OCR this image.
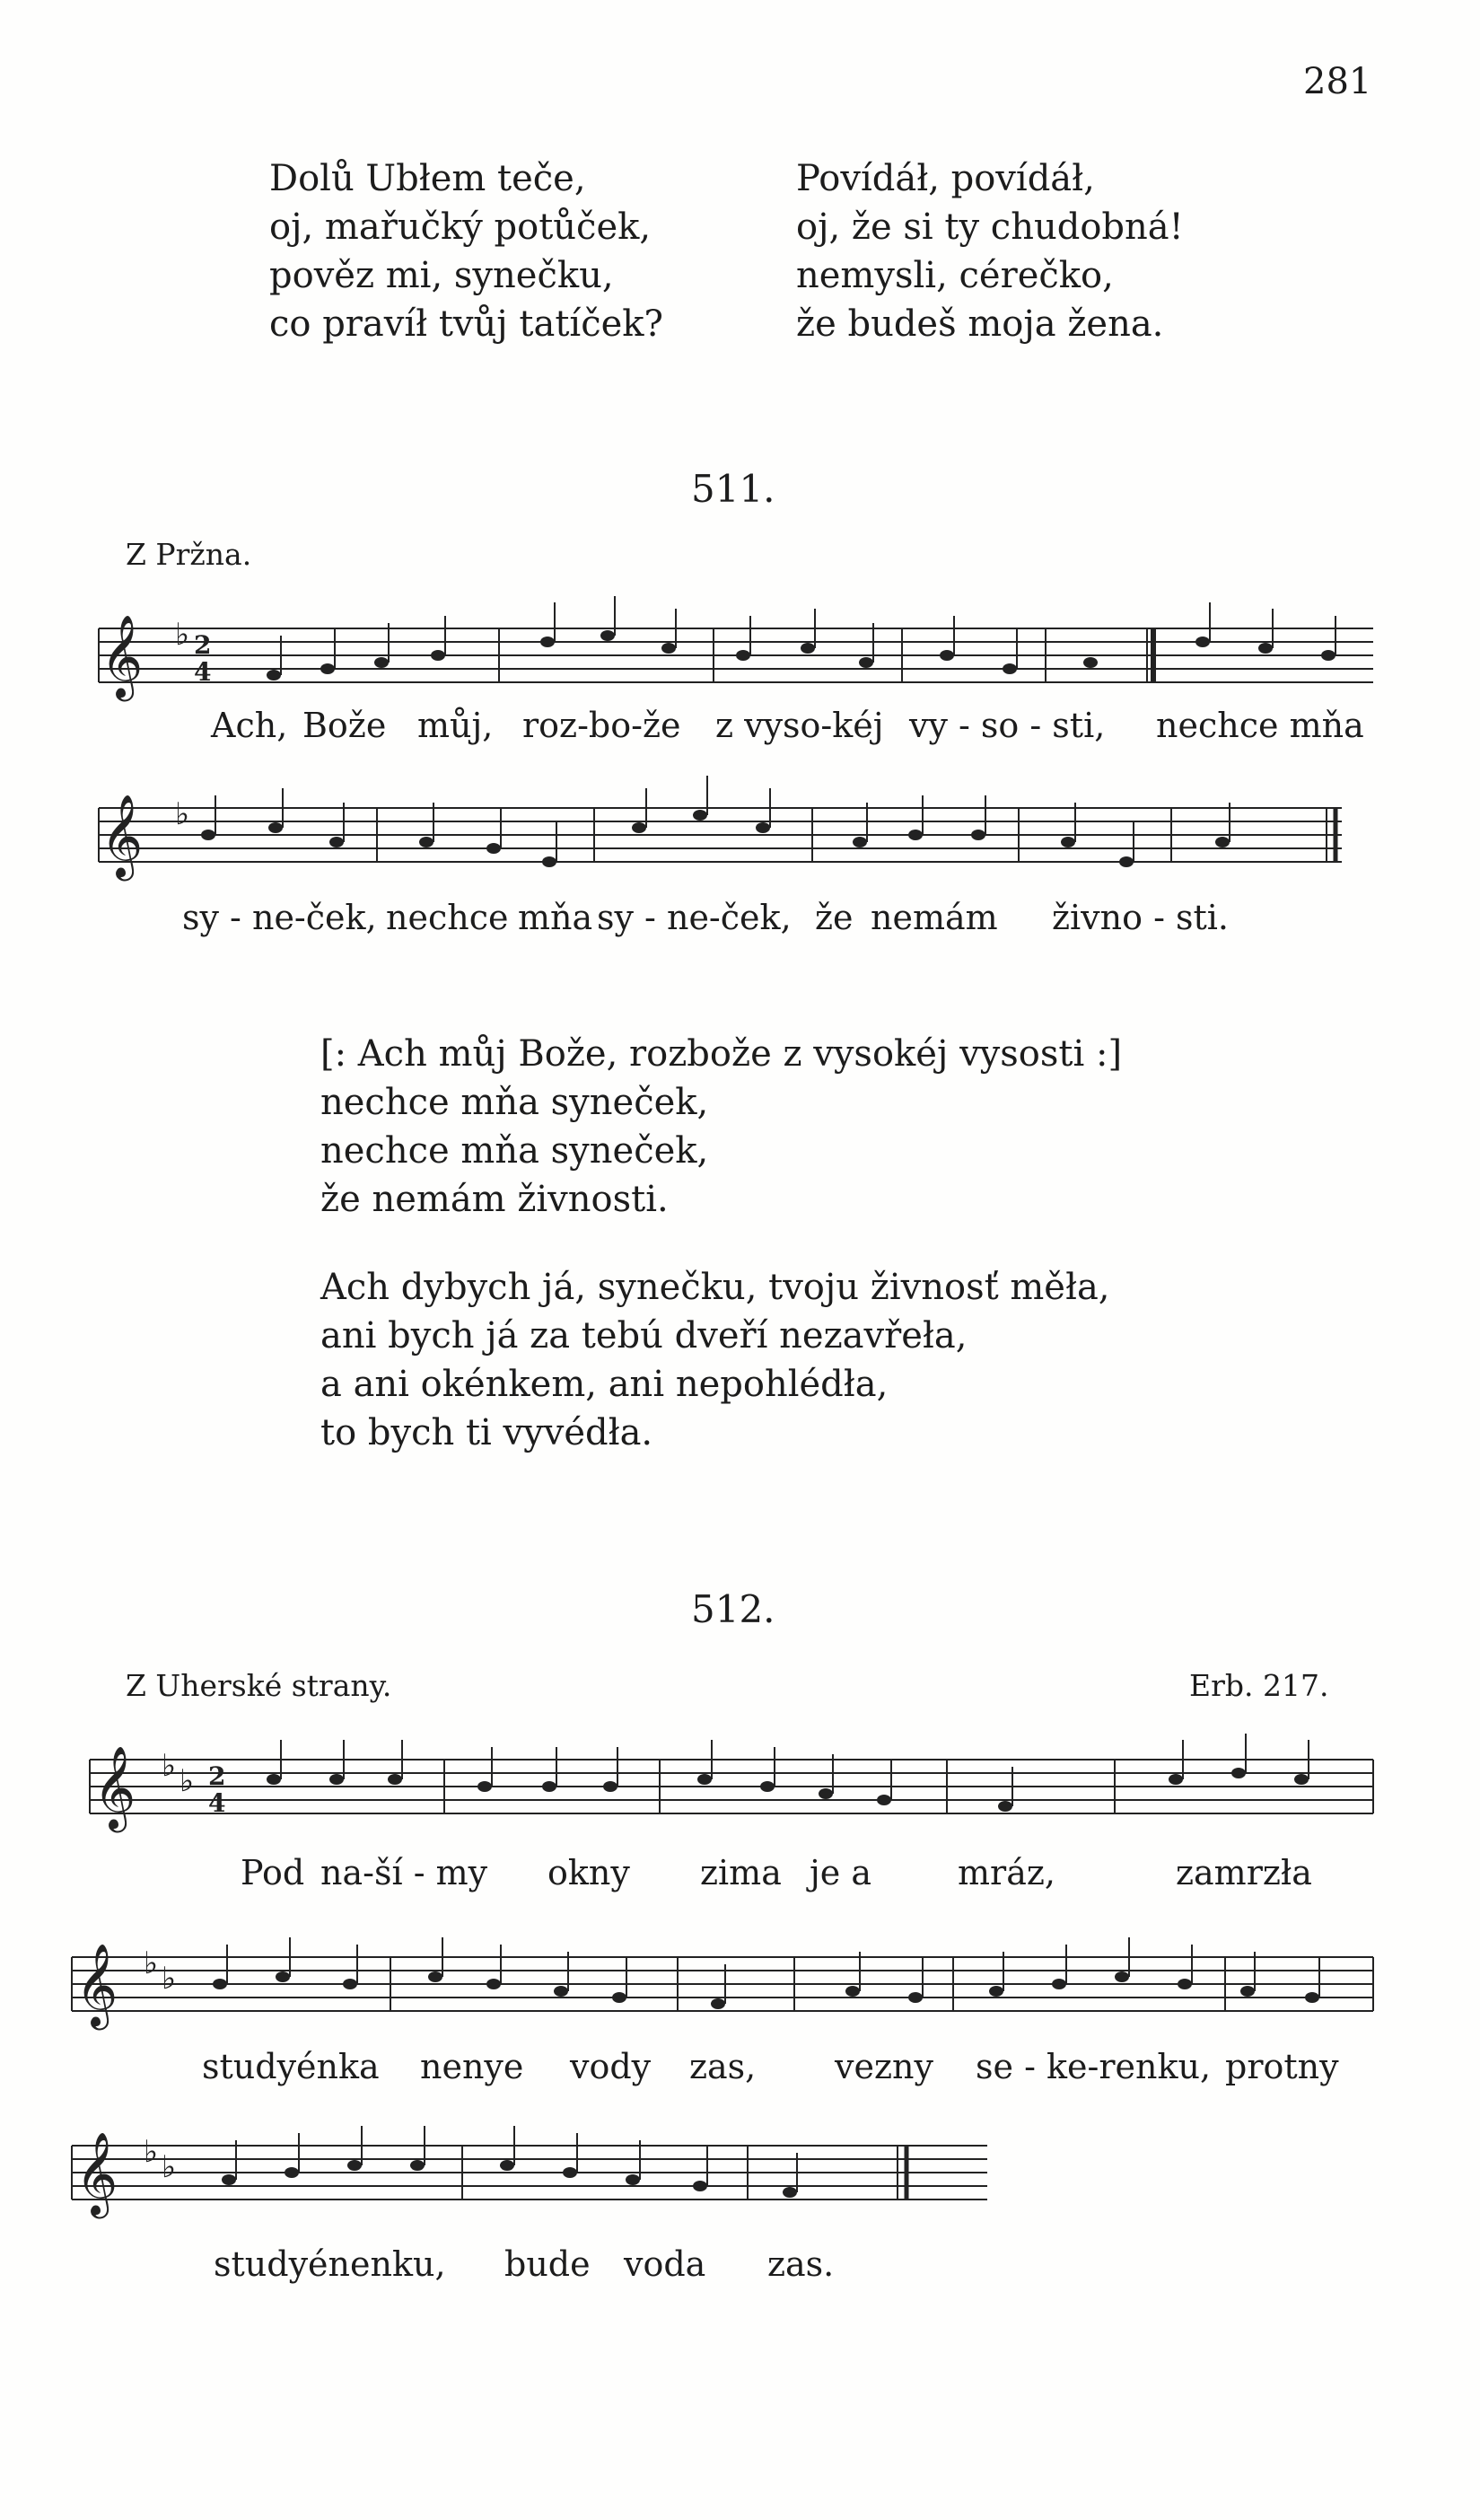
281
Dolů Ubłem teče,
oj, mařučký potůček,
pověz mi, synečku,
co pravíł tvůj tatíček?
Povídáł, povídáł,
oj, že si ty chudobná!
nemysli, cérečko,
že budeš moja žena.
511.
Z Pržna.
𝄞 ♭ 2
4
Ach, Bože můj, roz-bo-že z vyso-kéj vy - so - sti, nechce mňa
𝄞 ♭
sy - ne-ček, nechce mňa sy - ne-ček, že nemám živno - sti.
[: Ach můj Bože, rozbože z vysokéj vysosti :]
nechce mňa syneček,
nechce mňa syneček,
že nemám živnosti.
Ach dybych já, synečku, tvoju živnosť měła,
ani bych já za tebú dveří nezavřeła,
a ani okénkem, ani nepohlédła,
to bych ti vyvédła.
512.
Z Uherské strany.	Erb. 217.
𝄞 ♭ ♭ 2
4
Pod na-ší - my okny zima je a	mráz,	zamrzła
𝄞 ♭ ♭
studyénka nenye vody zas, vezny se - ke-renku, protny
𝄞 ♭ ♭
studyénenku, bude voda zas.
